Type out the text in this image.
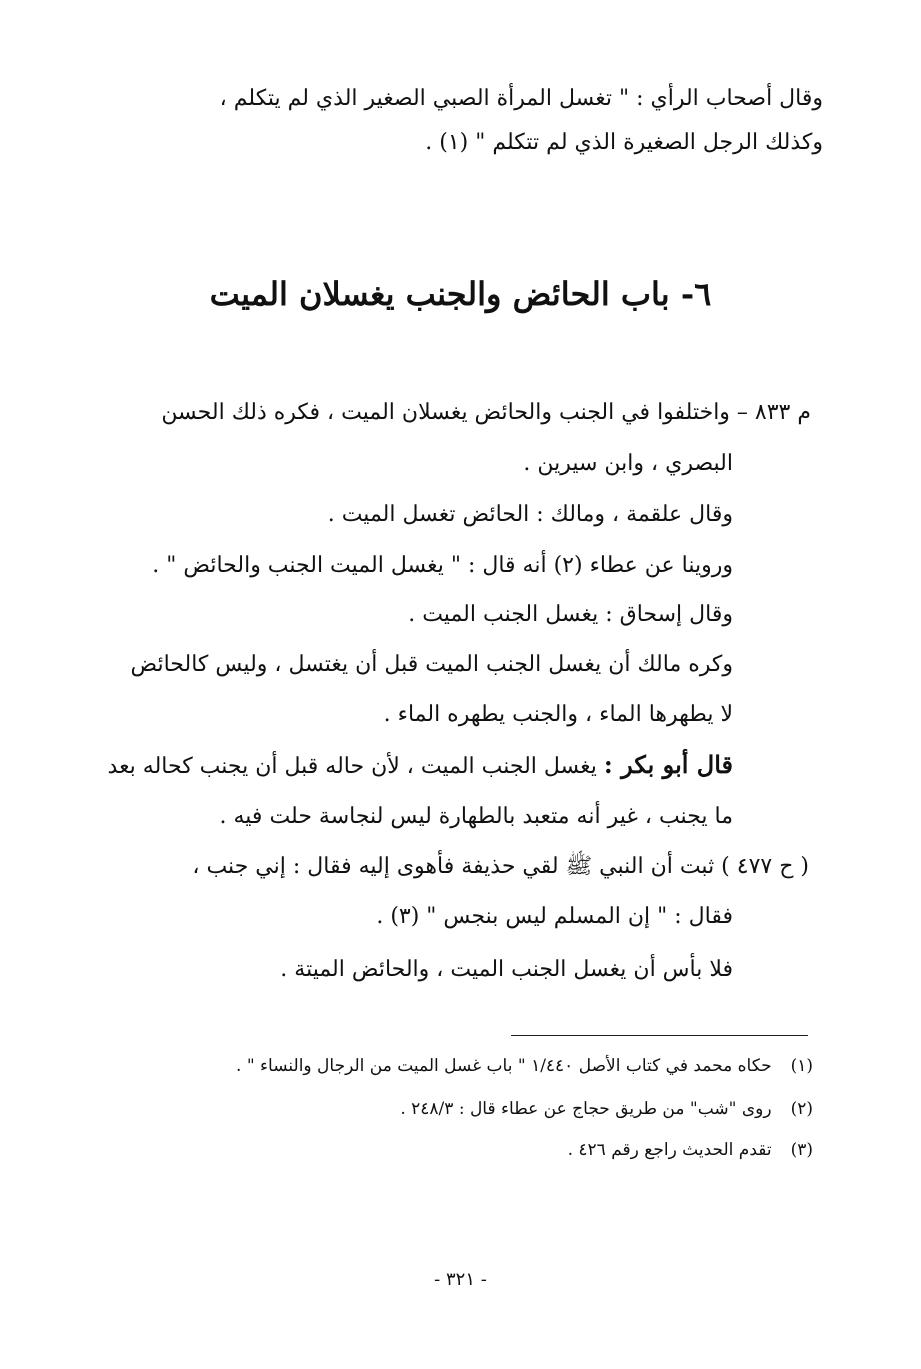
وقال أصحاب الرأي : " تغسل المرأة الصبي الصغير الذي لم يتكلم ،
وكذلك الرجل الصغيرة الذي لم تتكلم " (١) .
٦- باب الحائض والجنب يغسلان الميت
م ٨٣٣ – واختلفوا في الجنب والحائض يغسلان الميت ، فكره ذلك الحسن
البصري ، وابن سيرين .
وقال علقمة ، ومالك : الحائض تغسل الميت .
وروينا عن عطاء (٢) أنه قال : " يغسل الميت الجنب والحائض " .
وقال إسحاق : يغسل الجنب الميت .
وكره مالك أن يغسل الجنب الميت قبل أن يغتسل ، وليس كالحائض
لا يطهرها الماء ، والجنب يطهره الماء .
قال أبو بكر : يغسل الجنب الميت ، لأن حاله قبل أن يجنب كحاله بعد
ما يجنب ، غير أنه متعبد بالطهارة ليس لنجاسة حلت فيه .
( ح ٤٧٧ ) ثبت أن النبي ﷺ لقي حذيفة فأهوى إليه فقال : إني جنب ،
فقال : " إن المسلم ليس بنجس " (٣) .
فلا بأس أن يغسل الجنب الميت ، والحائض الميتة .
(١) حكاه محمد في كتاب الأصل ١/٤٤٠ " باب غسل الميت من الرجال والنساء " .
(٢) روى "شب" من طريق حجاج عن عطاء قال : ٢٤٨/٣ .
(٣) تقدم الحديث راجع رقم ٤٢٦ .
- ٣٢١ -
